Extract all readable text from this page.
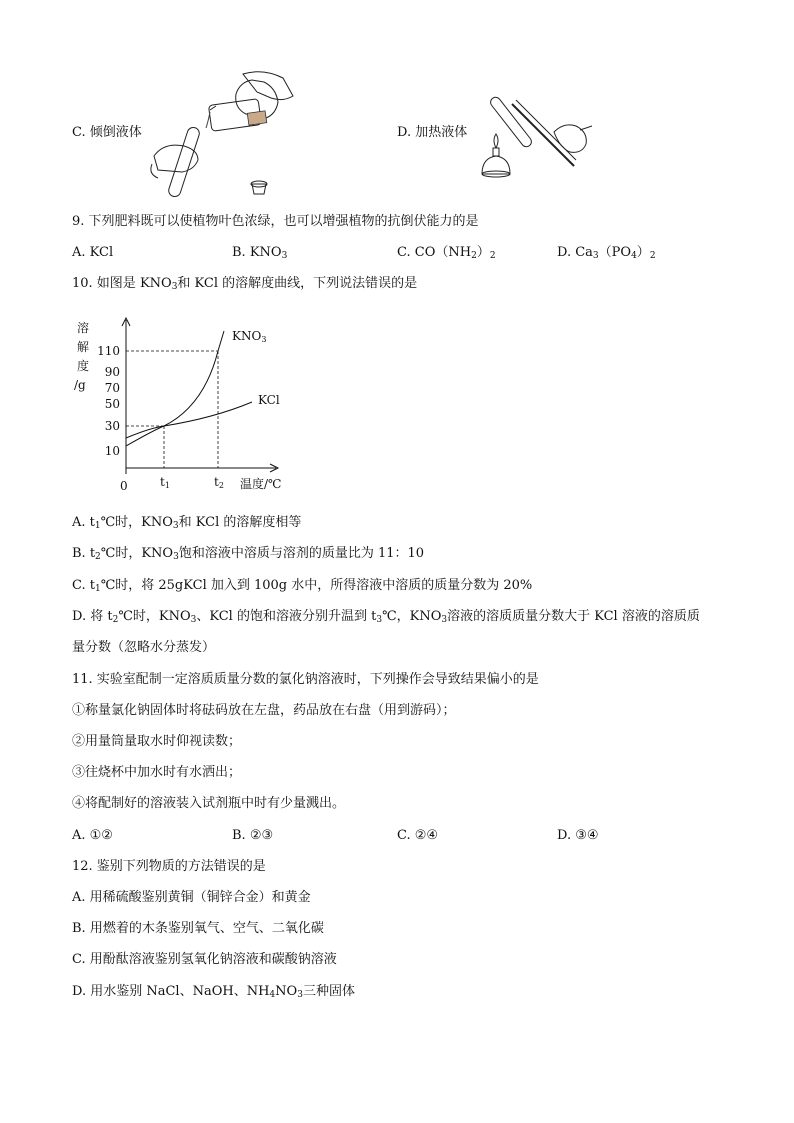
C. 倾倒液体	D. 加热液体
9. 下列肥料既可以使植物叶色浓绿，也可以增强植物的抗倒伏能力的是
A. KCl	B. $KNO_3$	C. $CO(NH_2)_2$	D. $Ca_3(PO_4)_2$
10. 如图是 $KNO_3$和 KCl 的溶解度曲线，下列说法错误的是
溶
解
度
/g
0	温度/℃
10
30
50
70
90
110
t1	t2
KNO3
KCl
A. $t_1℃$时，$KNO_3$和 KCl 的溶解度相等
B. $t_2℃$时，$KNO_3$饱和溶液中溶质与溶剂的质量比为 11：10
C. $t_1℃$时，将 25gKCl 加入到 100g 水中，所得溶液中溶质的质量分数为 20%
D. 将 $t_2℃$时，$KNO_3$、KCl 的饱和溶液分别升温到 $t_3℃$，$KNO_3$溶液的溶质质量分数大于 KCl 溶液的溶质质
量分数（忽略水分蒸发）
11. 实验室配制一定溶质质量分数的氯化钠溶液时，下列操作会导致结果偏小的是
①称量氯化钠固体时将砝码放在左盘，药品放在右盘（用到游码）；
②用量筒量取水时仰视读数；
③往烧杯中加水时有水洒出；
④将配制好的溶液装入试剂瓶中时有少量溅出。
A. ①②	B. ②③	C. ②④	D. ③④
12. 鉴别下列物质的方法错误的是
A. 用稀硫酸鉴别黄铜（铜锌合金）和黄金
B. 用燃着的木条鉴别氧气、空气、二氧化碳
C. 用酚酞溶液鉴别氢氧化钠溶液和碳酸钠溶液
D. 用水鉴别 NaCl、NaOH、$NH_4NO_3$三种固体
